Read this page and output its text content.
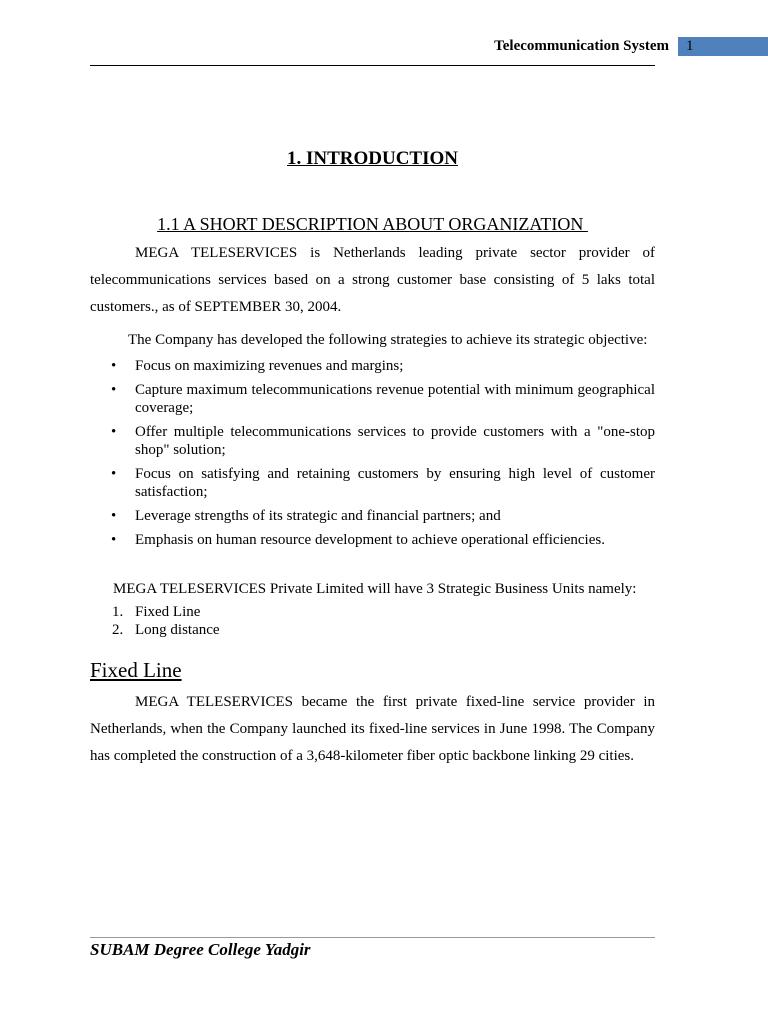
Telecommunication System 1
1. INTRODUCTION
1.1 A SHORT DESCRIPTION ABOUT ORGANIZATION

MEGA TELESERVICES is Netherlands leading private sector provider of telecommunications services based on a strong customer base consisting of 5 laks total customers., as of SEPTEMBER 30, 2004.

The Company has developed the following strategies to achieve its strategic objective:

• Focus on maximizing revenues and margins;
• Capture maximum telecommunications revenue potential with minimum geographical coverage;
• Offer multiple telecommunications services to provide customers with a "one-stop shop" solution;
• Focus on satisfying and retaining customers by ensuring high level of customer satisfaction;
• Leverage strengths of its strategic and financial partners; and
• Emphasis on human resource development to achieve operational efficiencies.

MEGA TELESERVICES Private Limited will have 3 Strategic Business Units namely:

1. Fixed Line
2. Long distance
Fixed Line

MEGA TELESERVICES became the first private fixed-line service provider in Netherlands, when the Company launched its fixed-line services in June 1998. The Company has completed the construction of a 3,648-kilometer fiber optic backbone linking 29 cities.

SUBAM Degree College Yadgir
